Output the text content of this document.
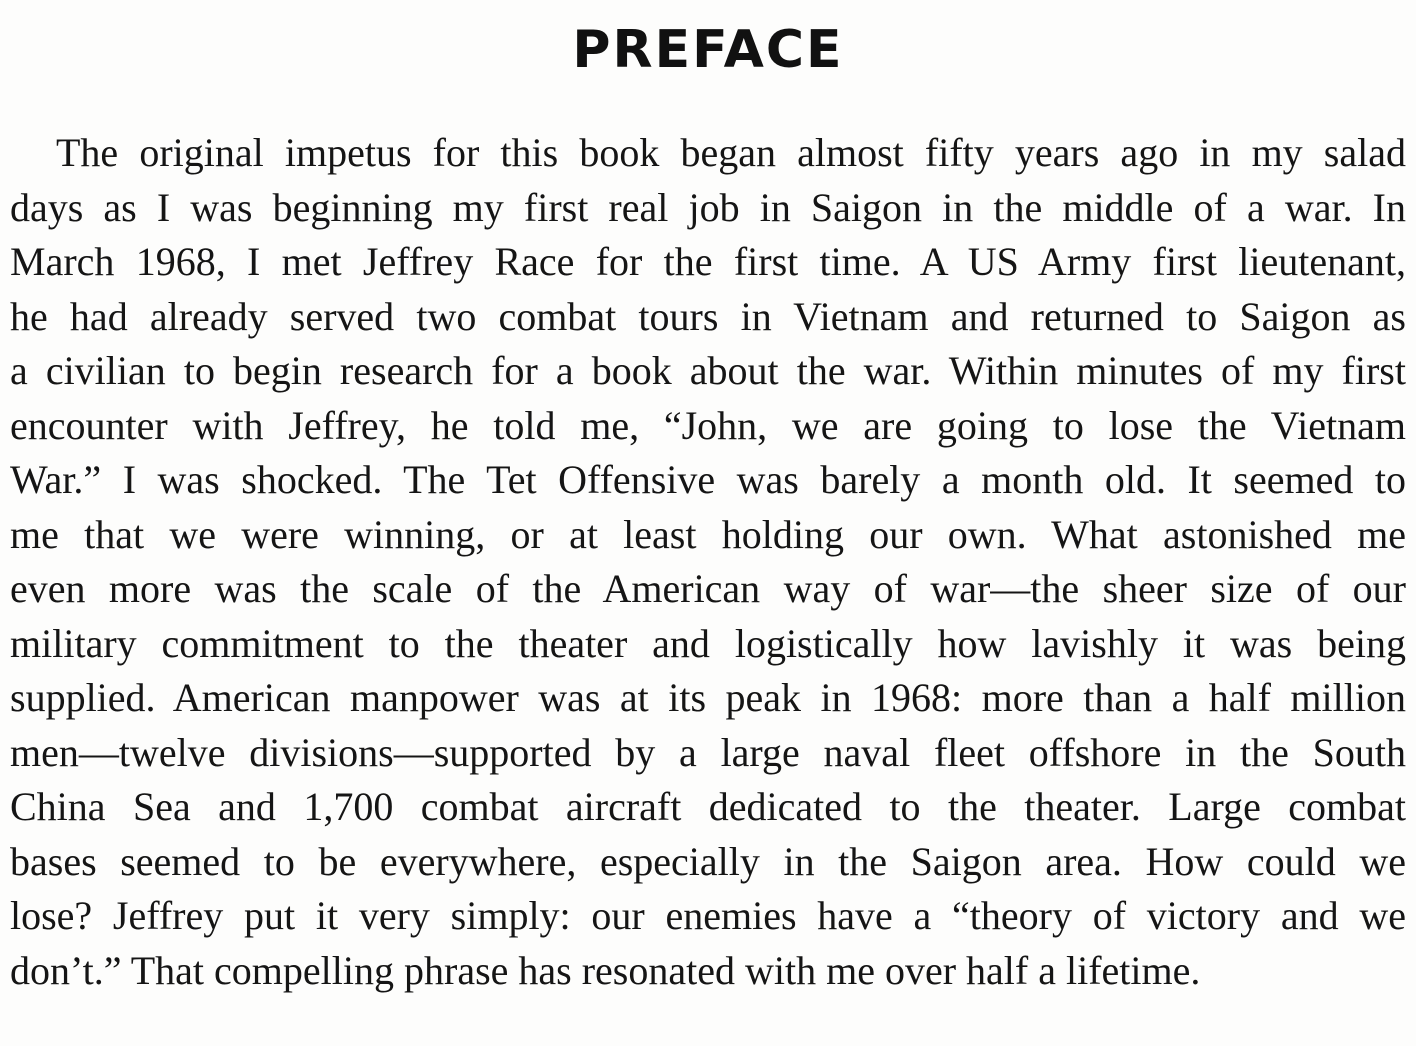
PREFACE
The original impetus for this book began almost fifty years ago in my salad
days as I was beginning my first real job in Saigon in the middle of a war. In
March 1968, I met Jeffrey Race for the first time. A US Army first lieutenant,
he had already served two combat tours in Vietnam and returned to Saigon as
a civilian to begin research for a book about the war. Within minutes of my first
encounter with Jeffrey, he told me, “John, we are going to lose the Vietnam
War.” I was shocked. The Tet Offensive was barely a month old. It seemed to
me that we were winning, or at least holding our own. What astonished me
even more was the scale of the American way of war—the sheer size of our
military commitment to the theater and logistically how lavishly it was being
supplied. American manpower was at its peak in 1968: more than a half million
men—twelve divisions—supported by a large naval fleet offshore in the South
China Sea and 1,700 combat aircraft dedicated to the theater. Large combat
bases seemed to be everywhere, especially in the Saigon area. How could we
lose? Jeffrey put it very simply: our enemies have a “theory of victory and we
don’t.” That compelling phrase has resonated with me over half a lifetime.
